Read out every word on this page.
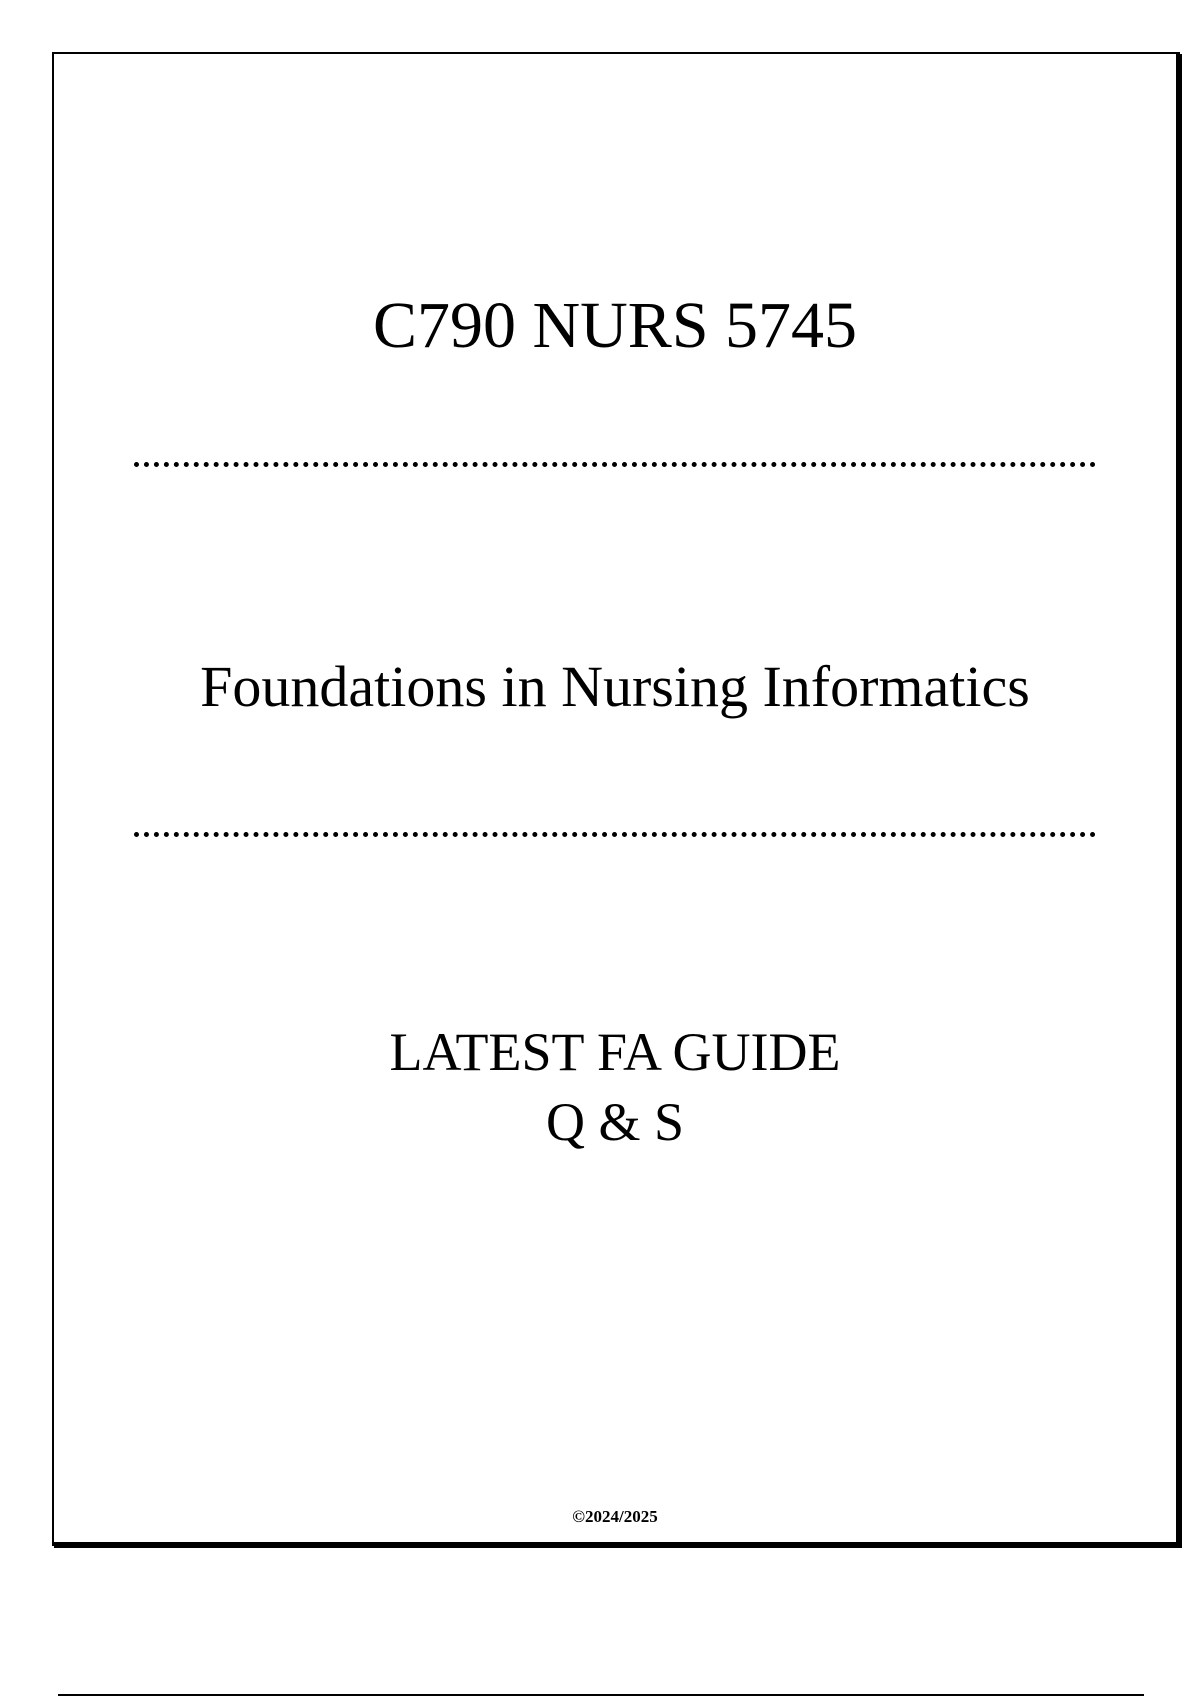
C790 NURS 5745
Foundations in Nursing Informatics
LATEST FA GUIDE
Q & S
©2024/2025
